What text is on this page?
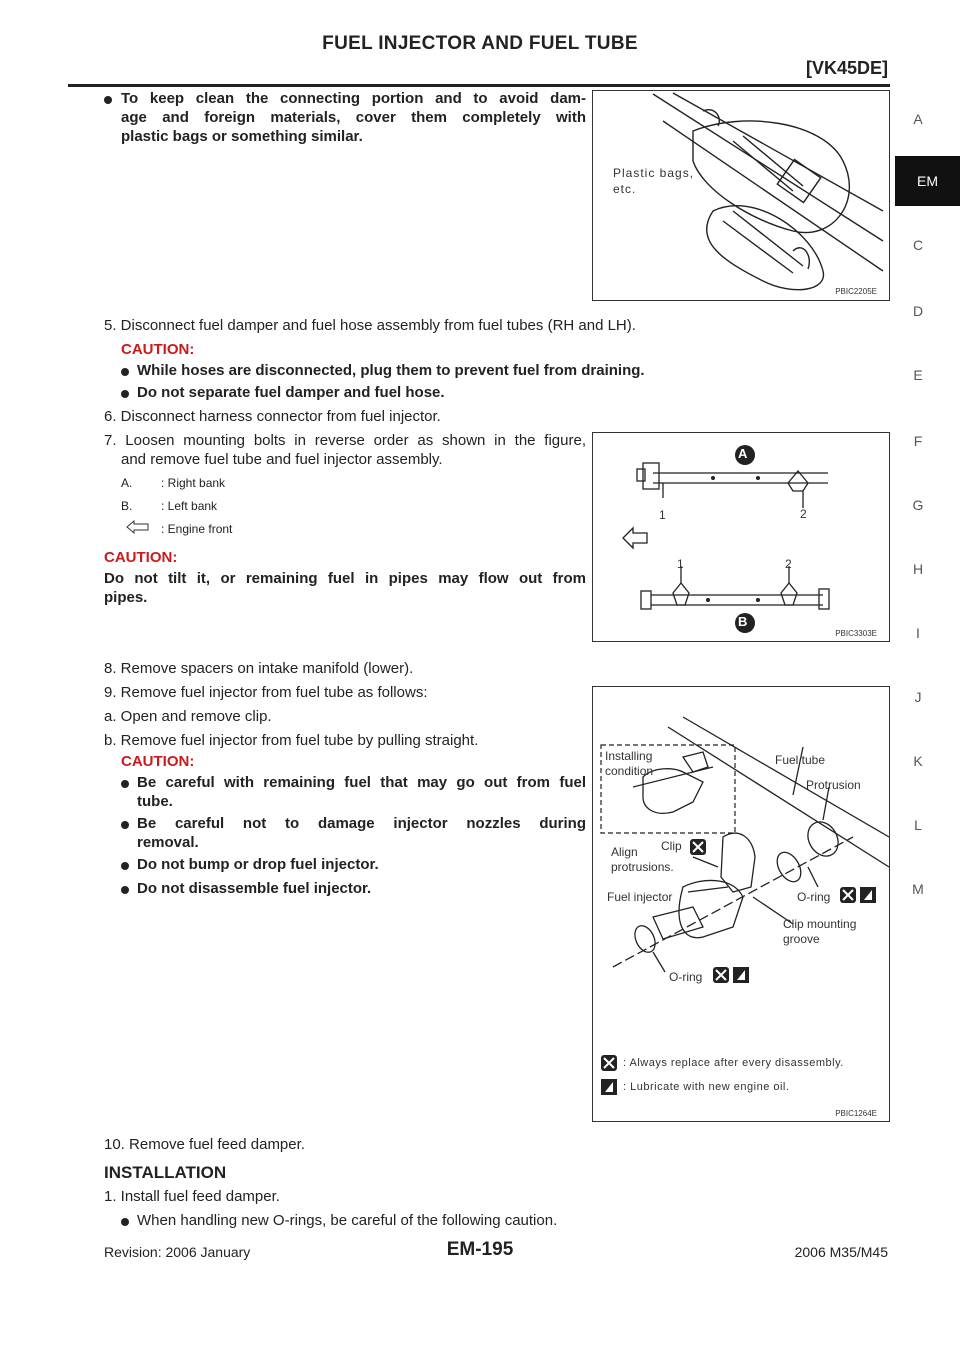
FUEL INJECTOR AND FUEL TUBE
[VK45DE]
A
EM
C
D
E
F
G
H
I
J
K
L
M
To keep clean the connecting portion and to avoid dam-
age and foreign materials, cover them completely with
plastic bags or something similar.
Plastic bags,
etc.
PBIC2205E
5. Disconnect fuel damper and fuel hose assembly from fuel tubes (RH and LH).
CAUTION:
While hoses are disconnected, plug them to prevent fuel from draining.
Do not separate fuel damper and fuel hose.
6. Disconnect harness connector from fuel injector.
7. Loosen mounting bolts in reverse order as shown in the figure,
and remove fuel tube and fuel injector assembly.
A. : Right bank
B. : Left bank
: Engine front
CAUTION:
Do not tilt it, or remaining fuel in pipes may flow out from
pipes.
A
B
1	2
1	2
PBIC3303E
8. Remove spacers on intake manifold (lower).
9. Remove fuel injector from fuel tube as follows:
a. Open and remove clip.
b. Remove fuel injector from fuel tube by pulling straight.
CAUTION:
Be careful with remaining fuel that may go out from fuel
tube.
Be careful not to damage injector nozzles during
removal.
Do not bump or drop fuel injector.
Do not disassemble fuel injector.
Installing
condition
Fuel tube
Protrusion
Clip
Align
protrusions.
Fuel injector	O-ring
Clip mounting
groove
O-ring
: Always replace after every disassembly.
: Lubricate with new engine oil.
PBIC1264E
10. Remove fuel feed damper.
INSTALLATION
1. Install fuel feed damper.
When handling new O-rings, be careful of the following caution.
Revision: 2006 January	EM-195	2006 M35/M45
